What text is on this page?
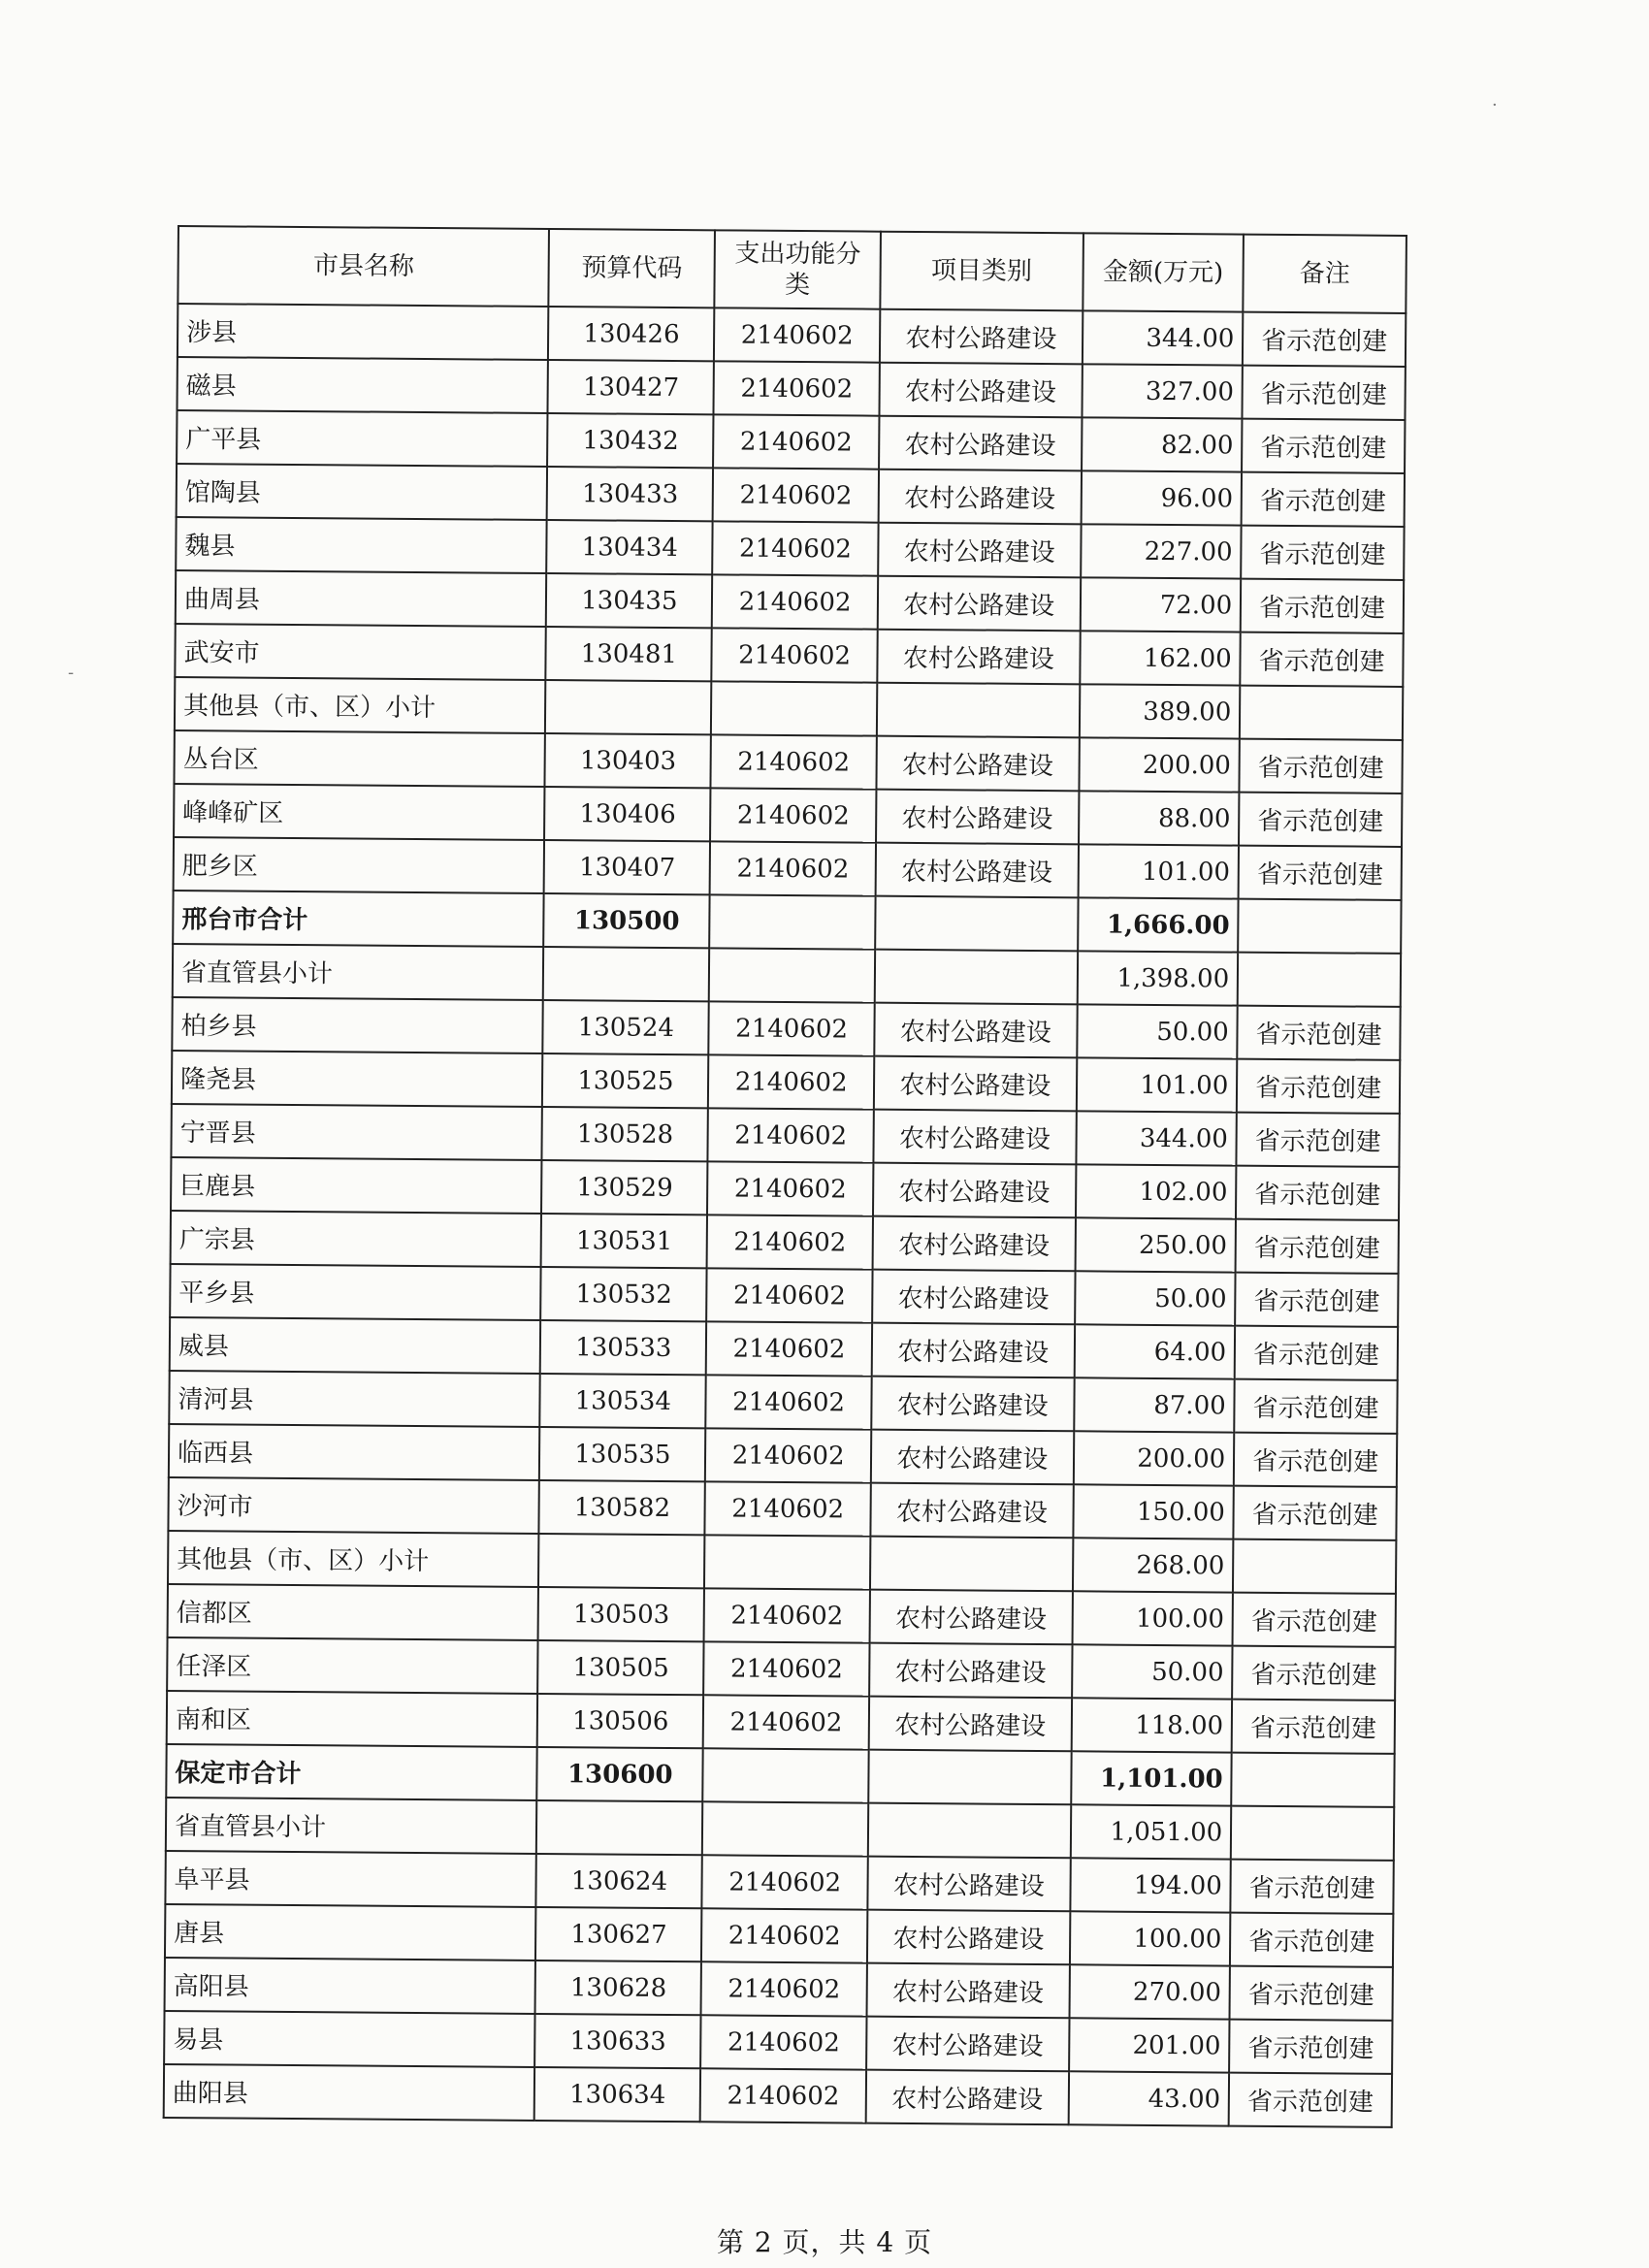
市县名称	预算代码	支出功能分类	项目类别	金额(万元)	备注
涉县	130426	2140602	农村公路建设	344.00	省示范创建
磁县	130427	2140602	农村公路建设	327.00	省示范创建
广平县	130432	2140602	农村公路建设	82.00	省示范创建
馆陶县	130433	2140602	农村公路建设	96.00	省示范创建
魏县	130434	2140602	农村公路建设	227.00	省示范创建
曲周县	130435	2140602	农村公路建设	72.00	省示范创建
武安市	130481	2140602	农村公路建设	162.00	省示范创建
其他县（市、区）小计				389.00	
丛台区	130403	2140602	农村公路建设	200.00	省示范创建
峰峰矿区	130406	2140602	农村公路建设	88.00	省示范创建
肥乡区	130407	2140602	农村公路建设	101.00	省示范创建
邢台市合计	130500			1,666.00	
省直管县小计				1,398.00	
柏乡县	130524	2140602	农村公路建设	50.00	省示范创建
隆尧县	130525	2140602	农村公路建设	101.00	省示范创建
宁晋县	130528	2140602	农村公路建设	344.00	省示范创建
巨鹿县	130529	2140602	农村公路建设	102.00	省示范创建
广宗县	130531	2140602	农村公路建设	250.00	省示范创建
平乡县	130532	2140602	农村公路建设	50.00	省示范创建
威县	130533	2140602	农村公路建设	64.00	省示范创建
清河县	130534	2140602	农村公路建设	87.00	省示范创建
临西县	130535	2140602	农村公路建设	200.00	省示范创建
沙河市	130582	2140602	农村公路建设	150.00	省示范创建
其他县（市、区）小计				268.00	
信都区	130503	2140602	农村公路建设	100.00	省示范创建
任泽区	130505	2140602	农村公路建设	50.00	省示范创建
南和区	130506	2140602	农村公路建设	118.00	省示范创建
保定市合计	130600			1,101.00	
省直管县小计				1,051.00	
阜平县	130624	2140602	农村公路建设	194.00	省示范创建
唐县	130627	2140602	农村公路建设	100.00	省示范创建
高阳县	130628	2140602	农村公路建设	270.00	省示范创建
易县	130633	2140602	农村公路建设	201.00	省示范创建
曲阳县	130634	2140602	农村公路建设	43.00	省示范创建
第 2 页，共 4 页
·
-
